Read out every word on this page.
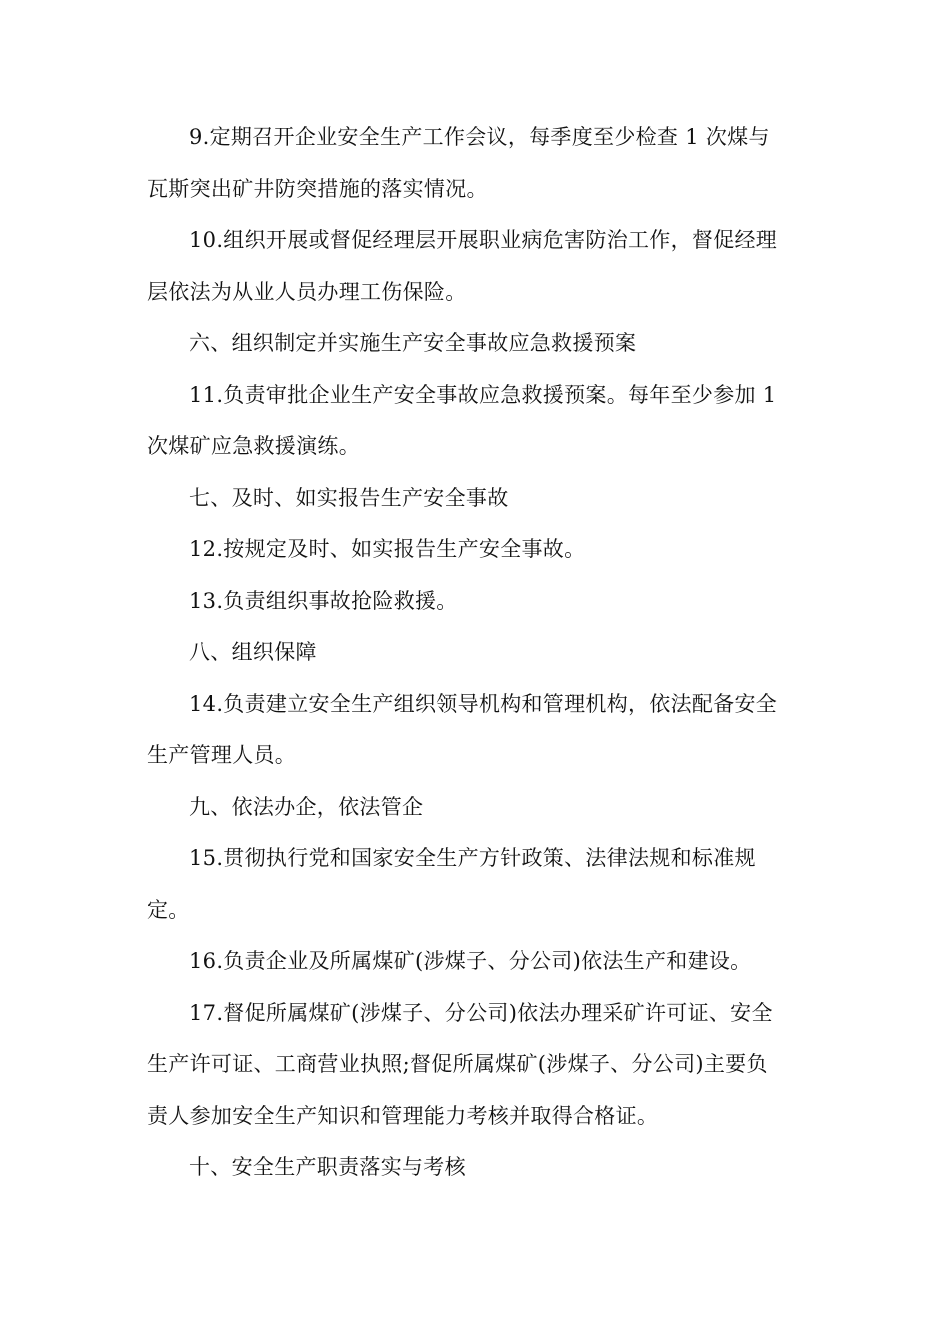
9.定期召开企业安全生产工作会议，每季度至少检查 1 次煤与
瓦斯突出矿井防突措施的落实情况。
10.组织开展或督促经理层开展职业病危害防治工作，督促经理
层依法为从业人员办理工伤保险。
六、组织制定并实施生产安全事故应急救援预案
11.负责审批企业生产安全事故应急救援预案。每年至少参加 1
次煤矿应急救援演练。
七、及时、如实报告生产安全事故
12.按规定及时、如实报告生产安全事故。
13.负责组织事故抢险救援。
八、组织保障
14.负责建立安全生产组织领导机构和管理机构，依法配备安全
生产管理人员。
九、依法办企，依法管企
15.贯彻执行党和国家安全生产方针政策、法律法规和标准规
定。
16.负责企业及所属煤矿(涉煤子、分公司)依法生产和建设。
17.督促所属煤矿(涉煤子、分公司)依法办理采矿许可证、安全
生产许可证、工商营业执照;督促所属煤矿(涉煤子、分公司)主要负
责人参加安全生产知识和管理能力考核并取得合格证。
十、安全生产职责落实与考核
